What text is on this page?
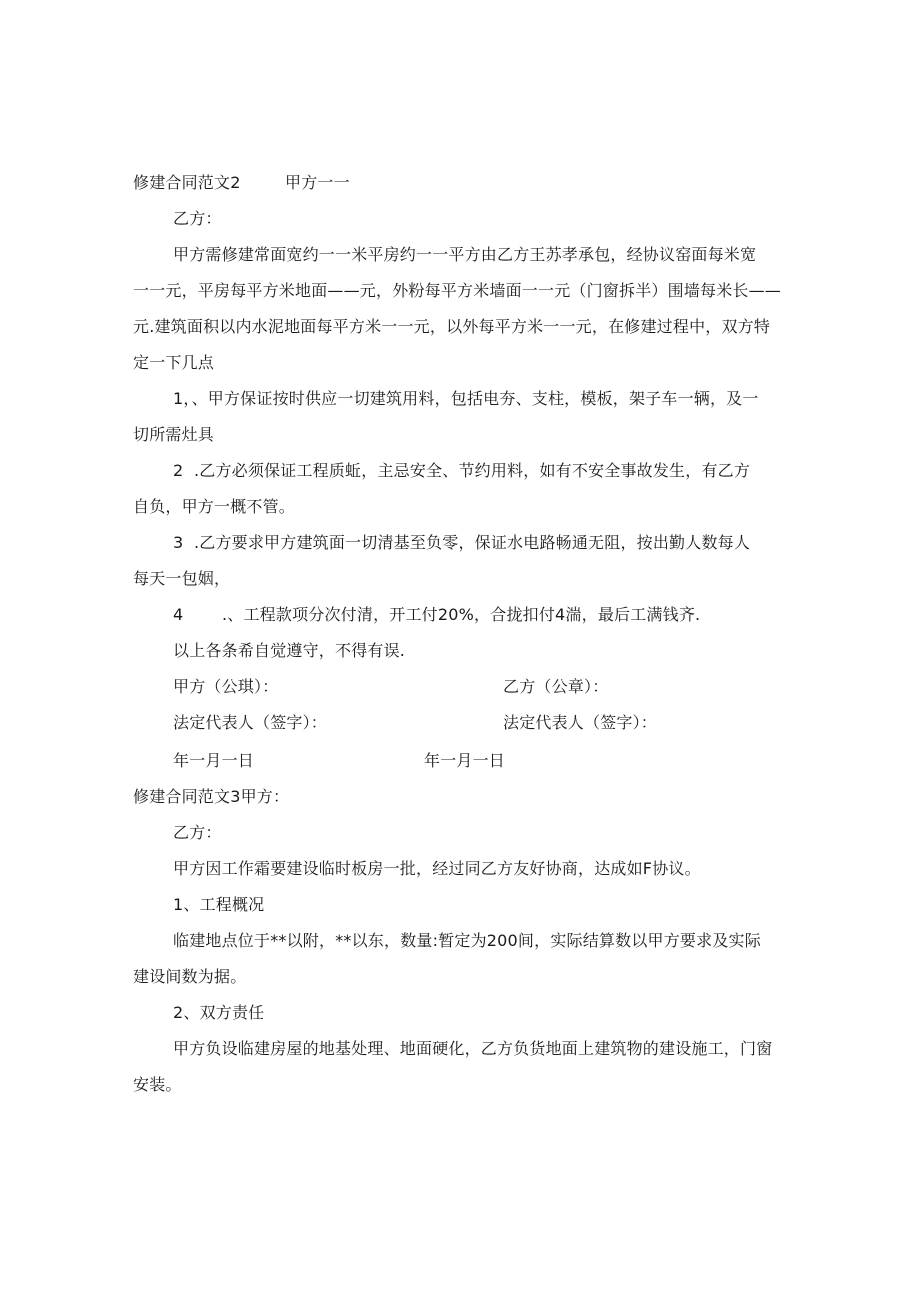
修建合同范文2	甲方一一
乙方：
甲方需修建常面宽约一一米平房约一一平方由乙方王苏孝承包，经协议窑面每米宽
一一元，平房每平方米地面——元，外粉每平方米墙面一一元（门窗拆半）围墙每米长——
元.建筑面积以内水泥地面每平方米一一元，以外每平方米一一元，在修建过程中，双方特
定一下几点
1，、甲方保证按时供应一切建筑用料，包括电夯、支柱，模板，架子车一辆，及一
切所需灶具
2  .乙方必须保证工程质蚯，主忌安全、节约用料，如有不安全事故发生，有乙方
自负，甲方一概不管。
3  .乙方要求甲方建筑面一切清基至负零，保证水电路畅通无阻，按出勤人数每人
每天一包姻，
4 .、工程款项分次付清，开工付20%，合拢扣付4湍，最后工满钱齐.
以上各条希自觉遵守，不得有误.
甲方（公琪）：	乙方（公章）：
法定代表人（签字）：	法定代表人（签字）：
年一月一日	年一月一日
修建合同范文3甲方：
乙方：
甲方因工作霜要建设临时板房一批，经过同乙方友好协商，达成如F协议。
1、工程概况
临建地点位于**以附，**以东，数量:暂定为200间，实际结算数以甲方要求及实际
建设间数为据。
2、双方责任
甲方负设临建房屋的地基处理、地面硬化，乙方负货地面上建筑物的建设施工，门窗
安装。
